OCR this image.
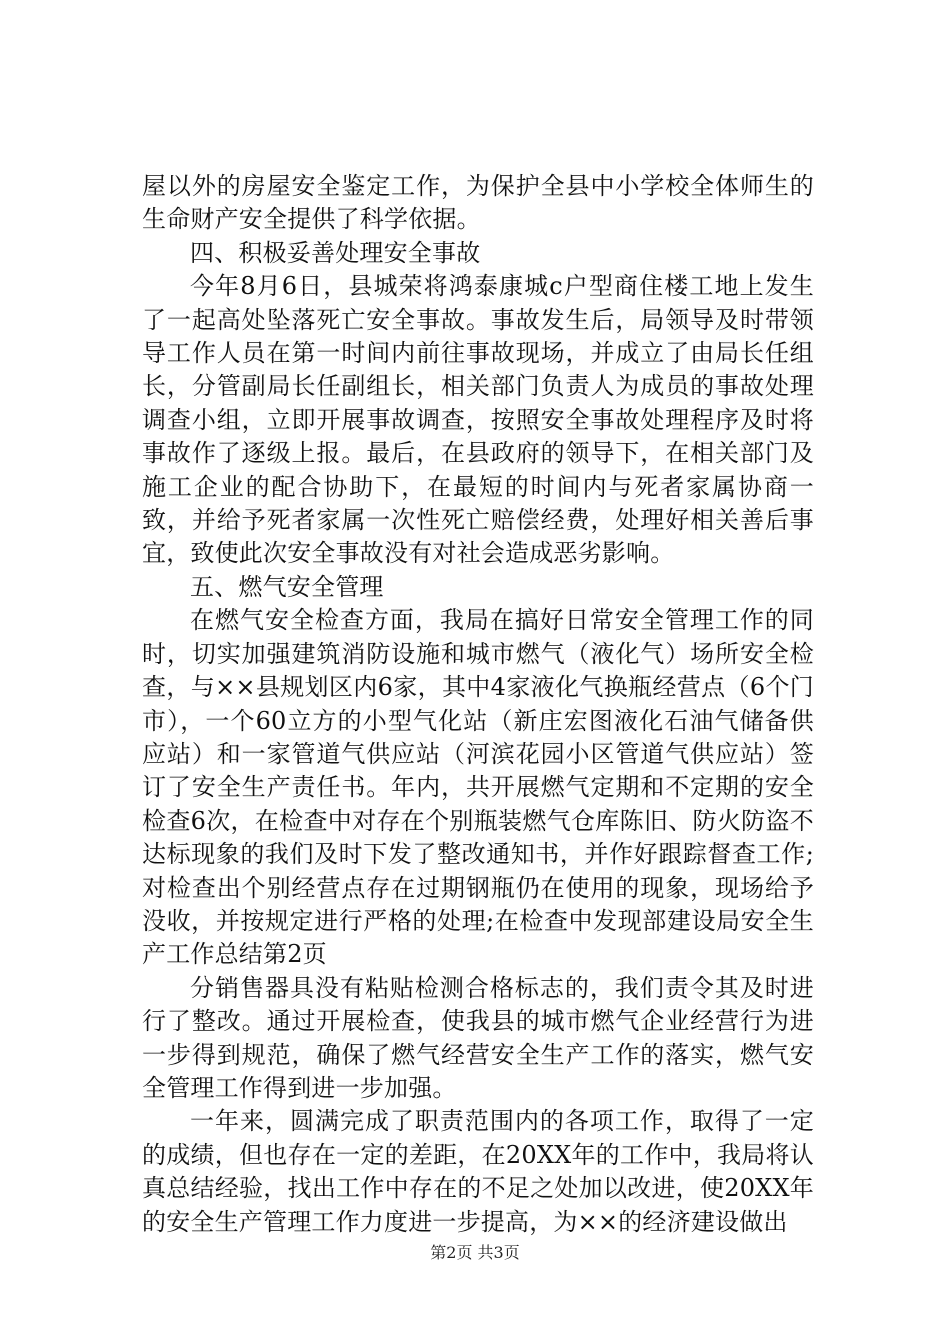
屋以外的房屋安全鉴定工作，为保护全县中小学校全体师生的生命财产安全提供了科学依据。

四、积极妥善处理安全事故

今年8月6日，县城荣将鸿泰康城c户型商住楼工地上发生了一起高处坠落死亡安全事故。事故发生后，局领导及时带领导工作人员在第一时间内前往事故现场，并成立了由局长任组长，分管副局长任副组长，相关部门负责人为成员的事故处理调查小组，立即开展事故调查，按照安全事故处理程序及时将事故作了逐级上报。最后，在县政府的领导下，在相关部门及施工企业的配合协助下，在最短的时间内与死者家属协商一致，并给予死者家属一次性死亡赔偿经费，处理好相关善后事宜，致使此次安全事故没有对社会造成恶劣影响。

五、燃气安全管理

在燃气安全检查方面，我局在搞好日常安全管理工作的同时，切实加强建筑消防设施和城市燃气（液化气）场所安全检查，与××县规划区内6家，其中4家液化气换瓶经营点（6个门市），一个60立方的小型气化站（新庄宏图液化石油气储备供应站）和一家管道气供应站（河滨花园小区管道气供应站）签订了安全生产责任书。年内，共开展燃气定期和不定期的安全检查6次，在检查中对存在个别瓶装燃气仓库陈旧、防火防盗不达标现象的我们及时下发了整改通知书，并作好跟踪督查工作;对检查出个别经营点存在过期钢瓶仍在使用的现象，现场给予没收，并按规定进行严格的处理;在检查中发现部建设局安全生产工作总结第2页

分销售器具没有粘贴检测合格标志的，我们责令其及时进行了整改。通过开展检查，使我县的城市燃气企业经营行为进一步得到规范，确保了燃气经营安全生产工作的落实，燃气安全管理工作得到进一步加强。

一年来，圆满完成了职责范围内的各项工作，取得了一定的成绩，但也存在一定的差距，在20XX年的工作中，我局将认真总结经验，找出工作中存在的不足之处加以改进，使20XX年的安全生产管理工作力度进一步提高，为××的经济建设做出

第2页 共3页
